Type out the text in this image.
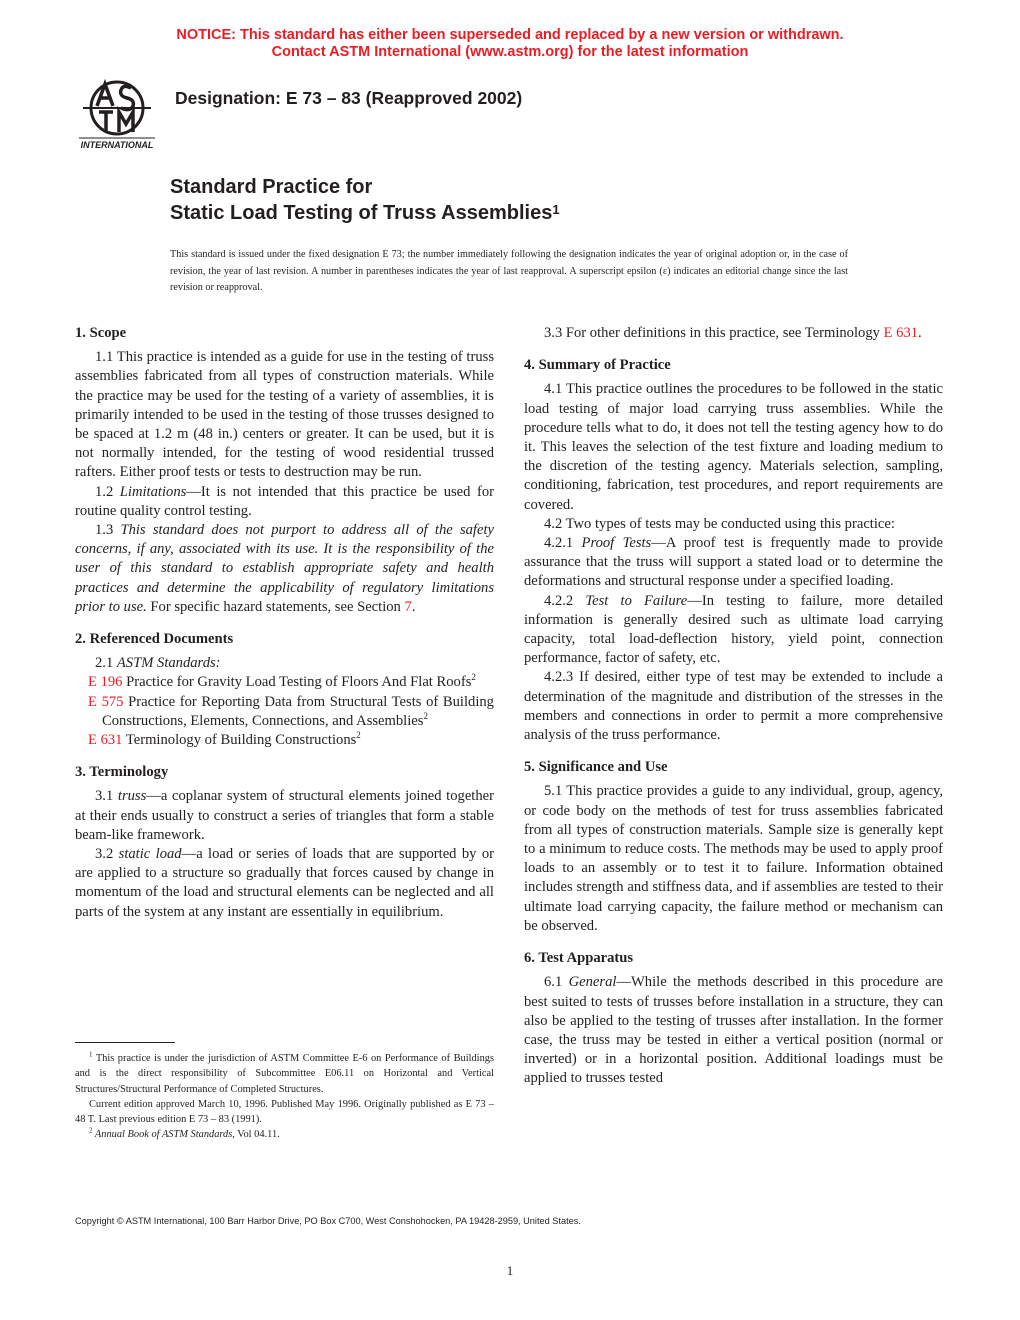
NOTICE: This standard has either been superseded and replaced by a new version or withdrawn.
Contact ASTM International (www.astm.org) for the latest information
INTERNATIONAL
Designation: E 73 – 83 (Reapproved 2002)
Standard Practice for
Static Load Testing of Truss Assemblies$^1$
This standard is issued under the fixed designation E 73; the number immediately following the designation indicates the year of original adoption or, in the case of revision, the year of last revision. A number in parentheses indicates the year of last reapproval. A superscript epsilon (ε) indicates an editorial change since the last revision or reapproval.
1. Scope

1.1 This practice is intended as a guide for use in the testing of truss assemblies fabricated from all types of construction materials. While the practice may be used for the testing of a variety of assemblies, it is primarily intended to be used in the testing of those trusses designed to be spaced at 1.2 m (48 in.) centers or greater. It can be used, but it is not normally intended, for the testing of wood residential trussed rafters. Either proof tests or tests to destruction may be run.

1.2 Limitations—It is not intended that this practice be used for routine quality control testing.

1.3 This standard does not purport to address all of the safety concerns, if any, associated with its use. It is the responsibility of the user of this standard to establish appropriate safety and health practices and determine the applicability of regulatory limitations prior to use. For specific hazard statements, see Section 7.

2. Referenced Documents

2.1 ASTM Standards:

E 196 Practice for Gravity Load Testing of Floors And Flat Roofs$^2$

E 575 Practice for Reporting Data from Structural Tests of Building Constructions, Elements, Connections, and Assemblies$^2$

E 631 Terminology of Building Constructions$^2$

3. Terminology

3.1 truss—a coplanar system of structural elements joined together at their ends usually to construct a series of triangles that form a stable beam-like framework.

3.2 static load—a load or series of loads that are supported by or are applied to a structure so gradually that forces caused by change in momentum of the load and structural elements can be neglected and all parts of the system at any instant are essentially in equilibrium.

$^1$ This practice is under the jurisdiction of ASTM Committee E-6 on Performance of Buildings and is the direct responsibility of Subcommittee E06.11 on Horizontal and Vertical Structures/Structural Performance of Completed Structures.

Current edition approved March 10, 1996. Published May 1996. Originally published as E 73 – 48 T. Last previous edition E 73 – 83 (1991).

$^2$ Annual Book of ASTM Standards, Vol 04.11.

3.3 For other definitions in this practice, see Terminology E 631.

4. Summary of Practice

4.1 This practice outlines the procedures to be followed in the static load testing of major load carrying truss assemblies. While the procedure tells what to do, it does not tell the testing agency how to do it. This leaves the selection of the test fixture and loading medium to the discretion of the testing agency. Materials selection, sampling, conditioning, fabrication, test procedures, and report requirements are covered.

4.2 Two types of tests may be conducted using this practice:

4.2.1 Proof Tests—A proof test is frequently made to provide assurance that the truss will support a stated load or to determine the deformations and structural response under a specified loading.

4.2.2 Test to Failure—In testing to failure, more detailed information is generally desired such as ultimate load carrying capacity, total load-deflection history, yield point, connection performance, factor of safety, etc.

4.2.3 If desired, either type of test may be extended to include a determination of the magnitude and distribution of the stresses in the members and connections in order to permit a more comprehensive analysis of the truss performance.

5. Significance and Use

5.1 This practice provides a guide to any individual, group, agency, or code body on the methods of test for truss assemblies fabricated from all types of construction materials. Sample size is generally kept to a minimum to reduce costs. The methods may be used to apply proof loads to an assembly or to test it to failure. Information obtained includes strength and stiffness data, and if assemblies are tested to their ultimate load carrying capacity, the failure method or mechanism can be observed.

6. Test Apparatus

6.1 General—While the methods described in this procedure are best suited to tests of trusses before installation in a structure, they can also be applied to the testing of trusses after installation. In the former case, the truss may be tested in either a vertical position (normal or inverted) or in a horizontal position. Additional loadings must be applied to trusses tested

Copyright © ASTM International, 100 Barr Harbor Drive, PO Box C700, West Conshohocken, PA 19428-2959, United States.
1
